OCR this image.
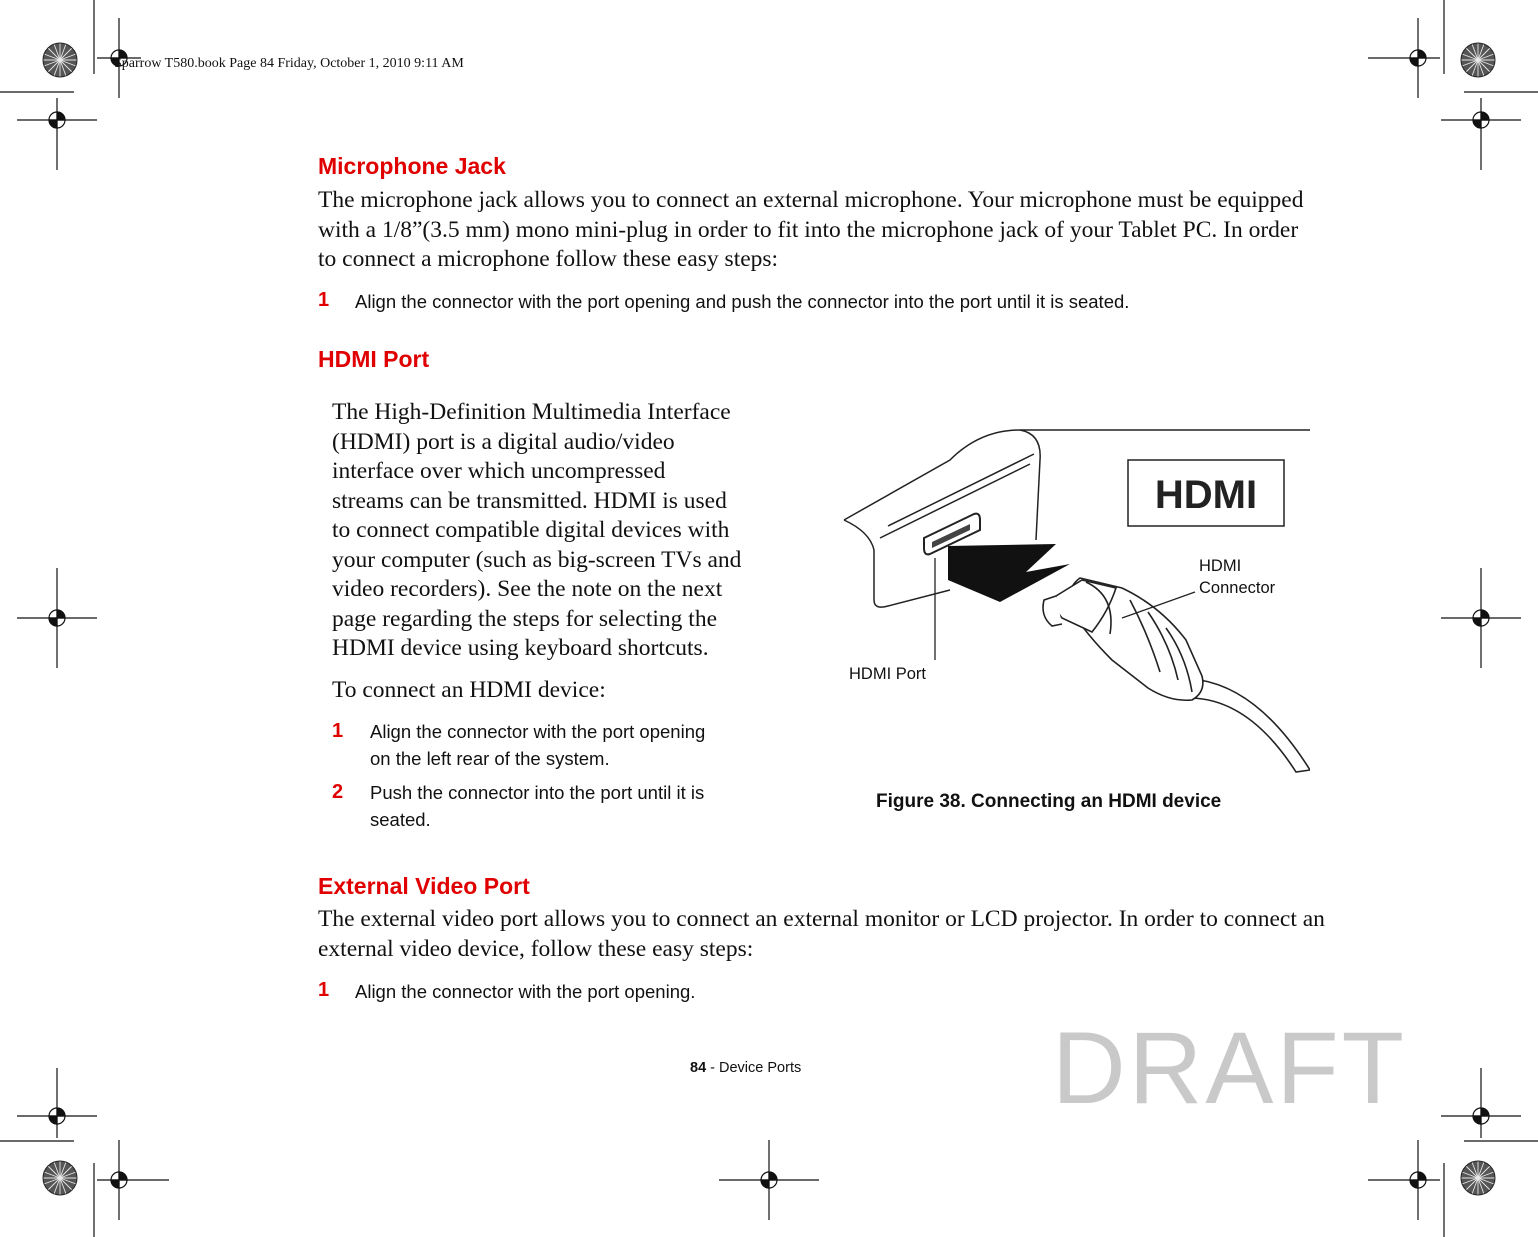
Sparrow T580.book Page 84 Friday, October 1, 2010 9:11 AM
Microphone Jack
The microphone jack allows you to connect an external microphone. Your microphone must be equipped
with a 1/8”(3.5 mm) mono mini-plug in order to fit into the microphone jack of your Tablet PC. In order
to connect a microphone follow these easy steps:
1 Align the connector with the port opening and push the connector into the port until it is seated.
HDMI Port
The High-Definition Multimedia Interface
(HDMI) port is a digital audio/video
interface over which uncompressed
streams can be transmitted. HDMI is used
to connect compatible digital devices with
your computer (such as big-screen TVs and
video recorders). See the note on the next
page regarding the steps for selecting the
HDMI device using keyboard shortcuts.
To connect an HDMI device:
1 Align the connector with the port opening
on the left rear of the system.
2 Push the connector into the port until it is
seated.
HDMI
HDMI
Connector
HDMI Port
Figure 38. Connecting an HDMI device
External Video Port
The external video port allows you to connect an external monitor or LCD projector. In order to connect an
external video device, follow these easy steps:
1 Align the connector with the port opening.
84 - Device Ports DRAFT
